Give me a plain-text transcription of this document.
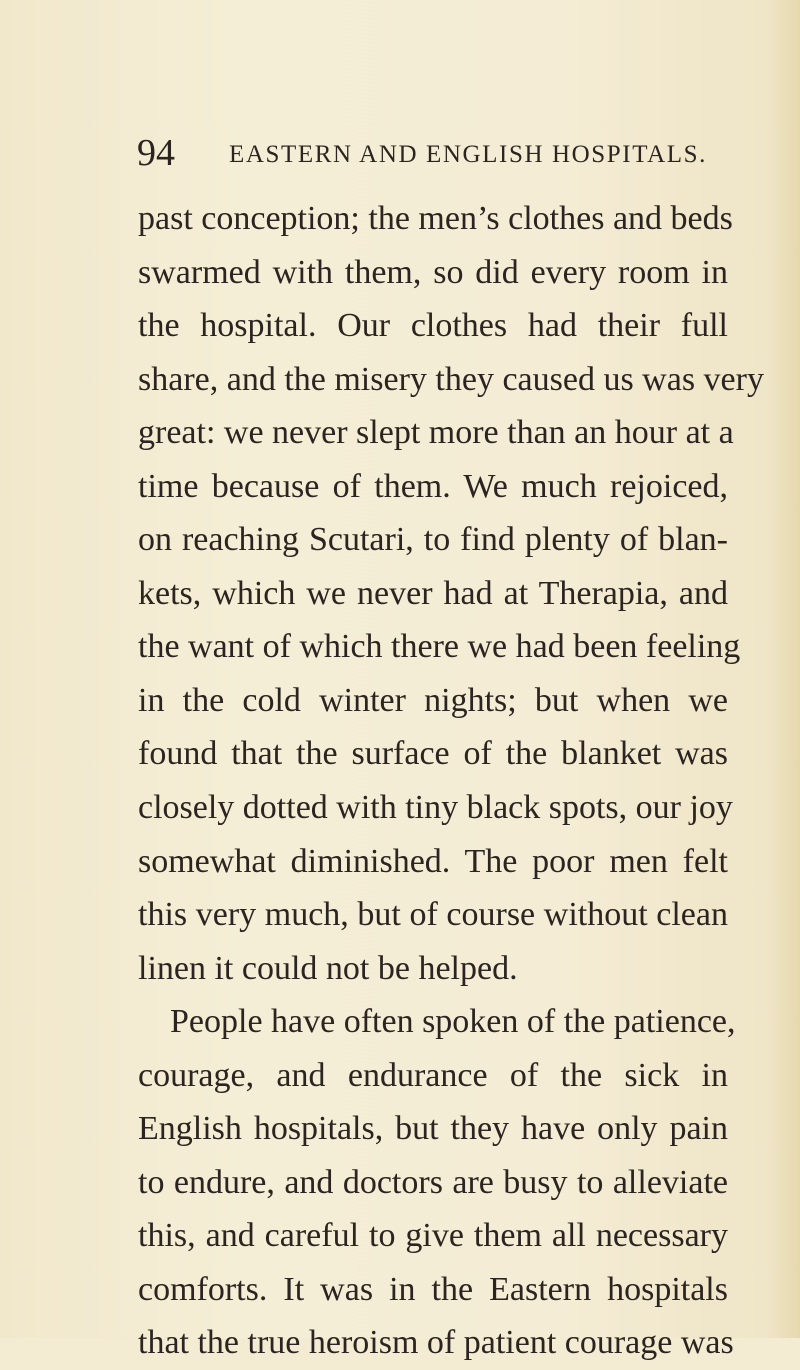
94 EASTERN AND ENGLISH HOSPITALS.
past conception; the men’s clothes and beds
swarmed with them, so did every room in
the hospital. Our clothes had their full
share, and the misery they caused us was very
great: we never slept more than an hour at a
time because of them. We much rejoiced,
on reaching Scutari, to find plenty of blan-
kets, which we never had at Therapia, and
the want of which there we had been feeling
in the cold winter nights; but when we
found that the surface of the blanket was
closely dotted with tiny black spots, our joy
somewhat diminished. The poor men felt
this very much, but of course without clean
linen it could not be helped.
People have often spoken of the patience,
courage, and endurance of the sick in
English hospitals, but they have only pain
to endure, and doctors are busy to alleviate
this, and careful to give them all necessary
comforts. It was in the Eastern hospitals
that the true heroism of patient courage was
